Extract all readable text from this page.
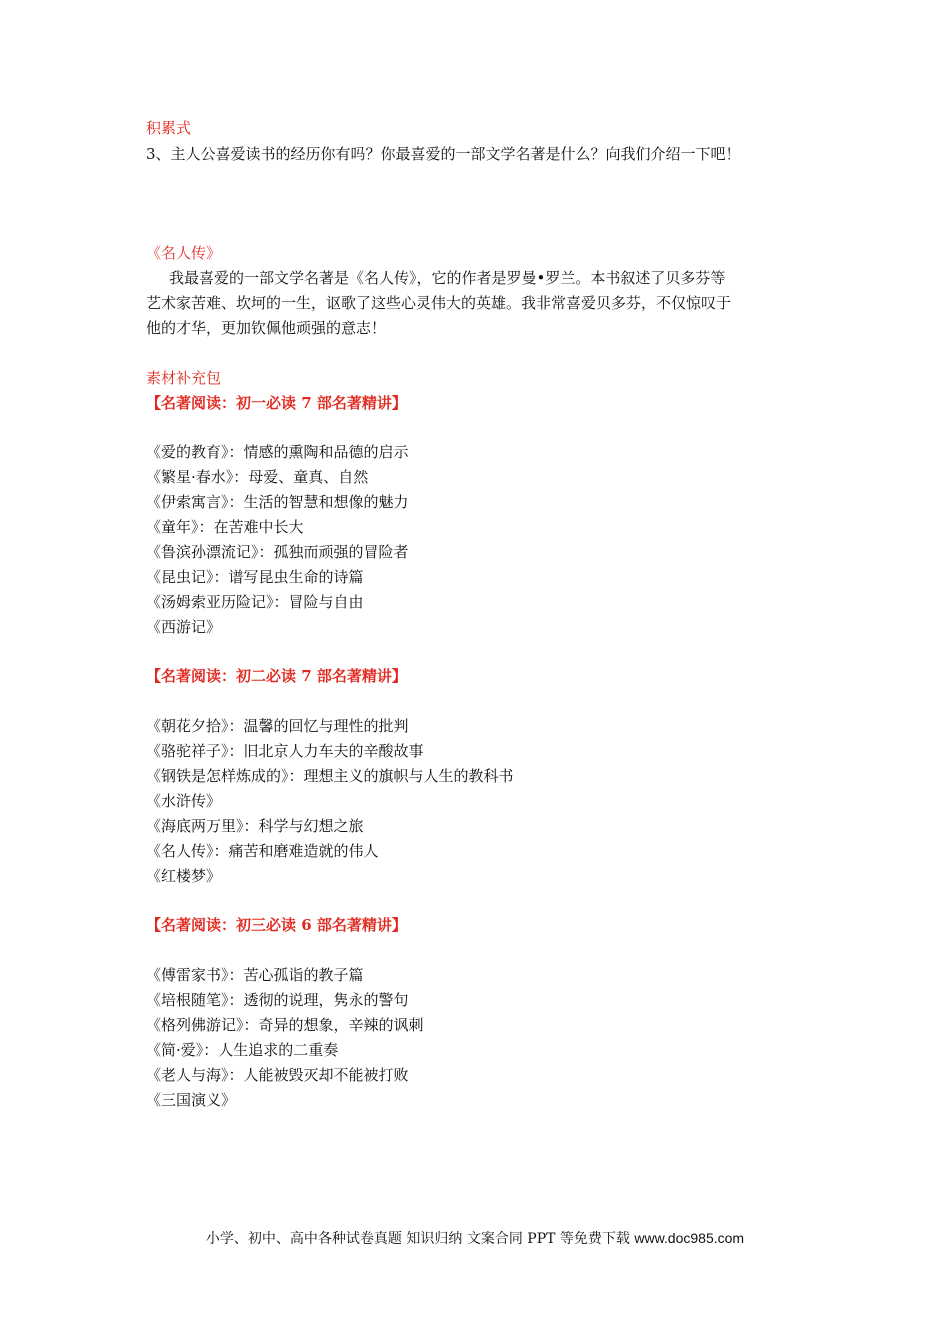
积累式
3、主人公喜爱读书的经历你有吗？你最喜爱的一部文学名著是什么？向我们介绍一下吧！
《名人传》
我最喜爱的一部文学名著是《名人传》，它的作者是罗曼•罗兰。本书叙述了贝多芬等
艺术家苦难、坎坷的一生，讴歌了这些心灵伟大的英雄。我非常喜爱贝多芬，不仅惊叹于
他的才华，更加钦佩他顽强的意志！
素材补充包
【名著阅读：初一必读 7 部名著精讲】
《爱的教育》：情感的熏陶和品德的启示
《繁星·春水》：母爱、童真、自然
《伊索寓言》：生活的智慧和想像的魅力
《童年》：在苦难中长大
《鲁滨孙漂流记》：孤独而顽强的冒险者
《昆虫记》：谱写昆虫生命的诗篇
《汤姆索亚历险记》：冒险与自由
《西游记》
【名著阅读：初二必读 7 部名著精讲】
《朝花夕拾》：温馨的回忆与理性的批判
《骆驼祥子》：旧北京人力车夫的辛酸故事
《钢铁是怎样炼成的》：理想主义的旗帜与人生的教科书
《水浒传》
《海底两万里》：科学与幻想之旅
《名人传》：痛苦和磨难造就的伟人
《红楼梦》
【名著阅读：初三必读 6 部名著精讲】
《傅雷家书》：苦心孤诣的教子篇
《培根随笔》：透彻的说理，隽永的警句
《格列佛游记》：奇异的想象，辛辣的讽刺
《简·爱》：人生追求的二重奏
《老人与海》：人能被毁灭却不能被打败
《三国演义》
小学、初中、高中各种试卷真题 知识归纳 文案合同 PPT 等免费下载 www.doc985.com
